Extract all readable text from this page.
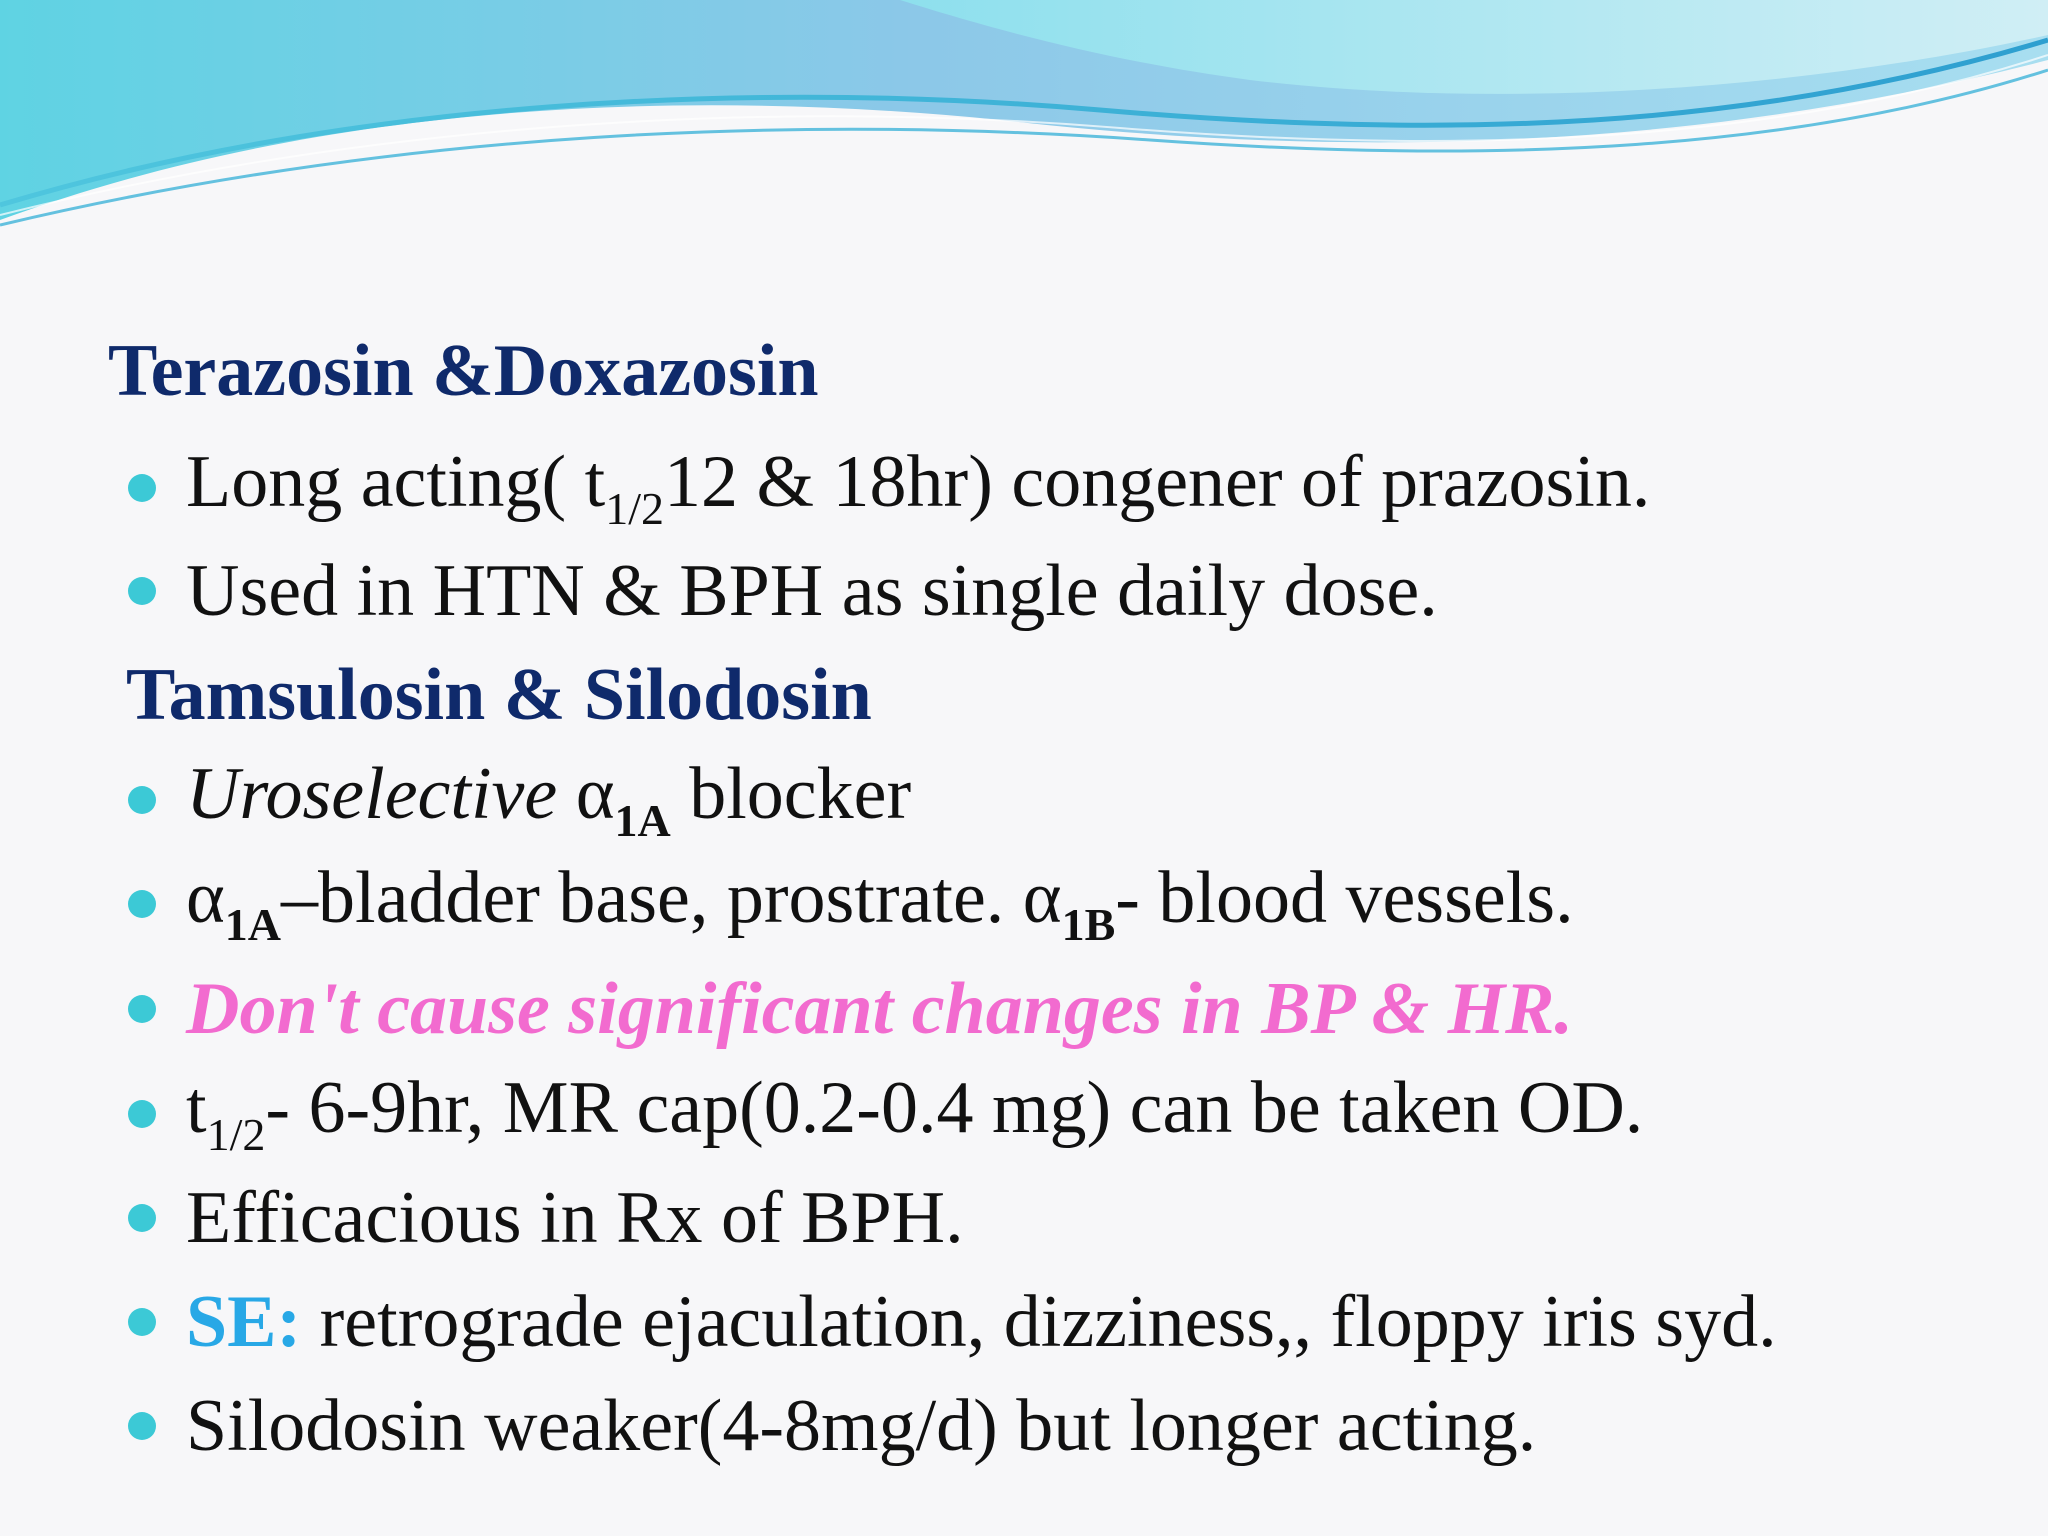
Terazosin &Doxazosin
Long acting( $t_{1/2}12$ & 18hr) congener of prazosin.
Used in HTN & BPH as single daily dose.
Tamsulosin & Silodosin
Uroselective $\alpha_{1A}$ blocker
$\alpha_{1A}$–bladder base, prostrate. $\alpha_{1B}-$ blood vessels.
Don't cause significant changes in BP & HR.
$t_{1/2}-$ 6-9hr, MR cap(0.2-0.4 mg) can be taken OD.
Efficacious in Rx of BPH.
SE: retrograde ejaculation, dizziness,, floppy iris syd.
Silodosin weaker(4-8mg/d) but longer acting.
